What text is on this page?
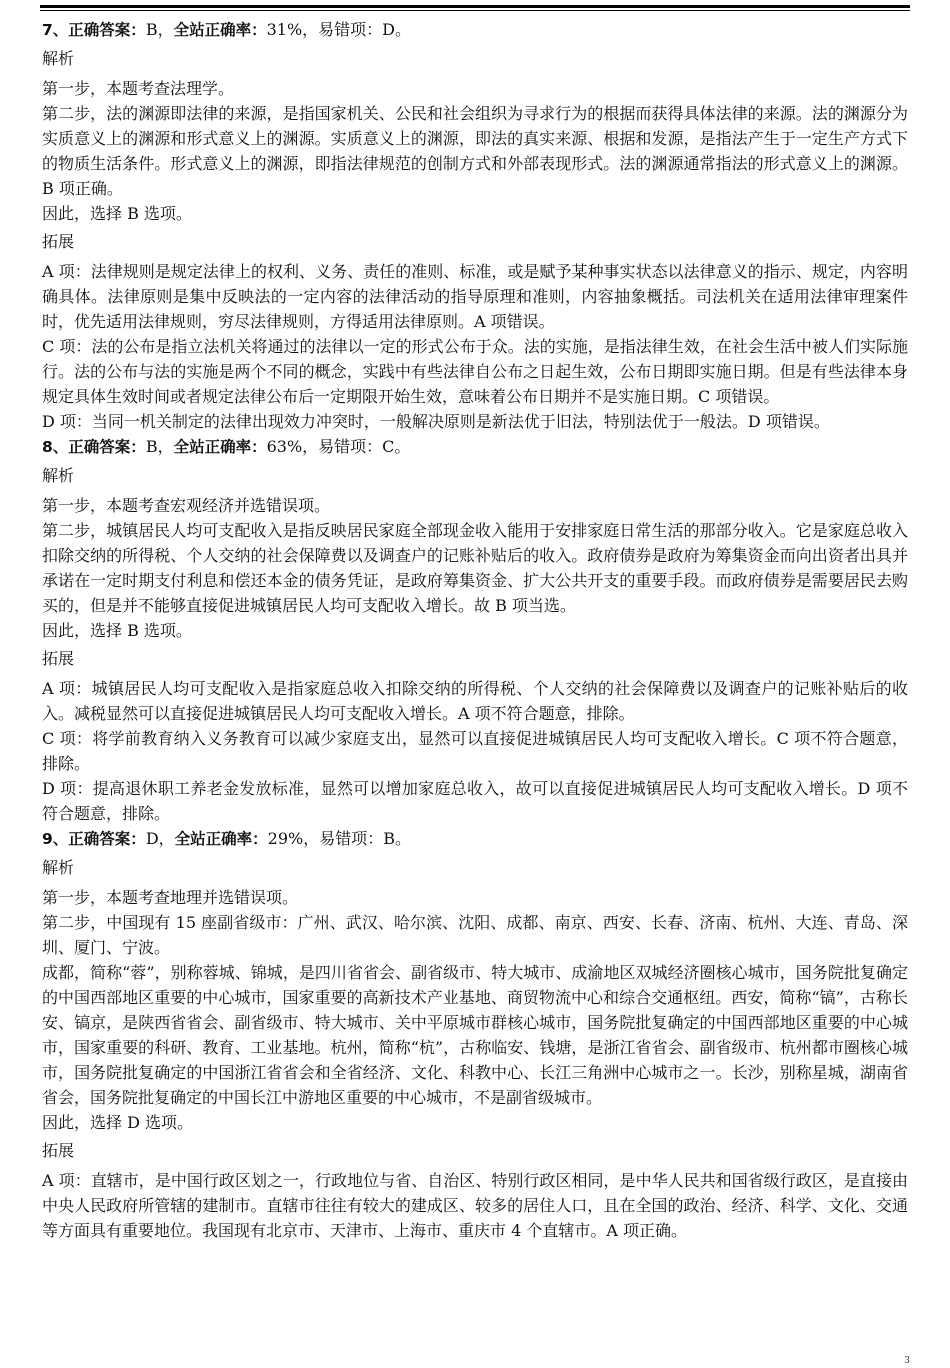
7、正确答案：B，全站正确率：31%，易错项：D。

解析

第一步，本题考查法理学。

第二步，法的渊源即法律的来源，是指国家机关、公民和社会组织为寻求行为的根据而获得具体法律的来源。法的渊源分为实质意义上的渊源和形式意义上的渊源。实质意义上的渊源，即法的真实来源、根据和发源，是指法产生于一定生产方式下的物质生活条件。形式意义上的渊源，即指法律规范的创制方式和外部表现形式。法的渊源通常指法的形式意义上的渊源。B 项正确。

因此，选择 B 选项。

拓展

A 项：法律规则是规定法律上的权利、义务、责任的准则、标准，或是赋予某种事实状态以法律意义的指示、规定，内容明确具体。法律原则是集中反映法的一定内容的法律活动的指导原理和准则，内容抽象概括。司法机关在适用法律审理案件时，优先适用法律规则，穷尽法律规则，方得适用法律原则。A 项错误。

C 项：法的公布是指立法机关将通过的法律以一定的形式公布于众。法的实施，是指法律生效，在社会生活中被人们实际施行。法的公布与法的实施是两个不同的概念，实践中有些法律自公布之日起生效，公布日期即实施日期。但是有些法律本身规定具体生效时间或者规定法律公布后一定期限开始生效，意味着公布日期并不是实施日期。C 项错误。

D 项：当同一机关制定的法律出现效力冲突时，一般解决原则是新法优于旧法，特别法优于一般法。D 项错误。

8、正确答案：B，全站正确率：63%，易错项：C。

解析

第一步，本题考查宏观经济并选错误项。

第二步，城镇居民人均可支配收入是指反映居民家庭全部现金收入能用于安排家庭日常生活的那部分收入。它是家庭总收入扣除交纳的所得税、个人交纳的社会保障费以及调查户的记账补贴后的收入。政府债券是政府为筹集资金而向出资者出具并承诺在一定时期支付利息和偿还本金的债务凭证，是政府筹集资金、扩大公共开支的重要手段。而政府债券是需要居民去购买的，但是并不能够直接促进城镇居民人均可支配收入增长。故 B 项当选。

因此，选择 B 选项。

拓展

A 项：城镇居民人均可支配收入是指家庭总收入扣除交纳的所得税、个人交纳的社会保障费以及调查户的记账补贴后的收入。减税显然可以直接促进城镇居民人均可支配收入增长。A 项不符合题意，排除。

C 项：将学前教育纳入义务教育可以减少家庭支出，显然可以直接促进城镇居民人均可支配收入增长。C 项不符合题意，排除。

D 项：提高退休职工养老金发放标准，显然可以增加家庭总收入，故可以直接促进城镇居民人均可支配收入增长。D 项不符合题意，排除。

9、正确答案：D，全站正确率：29%，易错项：B。

解析

第一步，本题考查地理并选错误项。

第二步，中国现有 15 座副省级市：广州、武汉、哈尔滨、沈阳、成都、南京、西安、长春、济南、杭州、大连、青岛、深圳、厦门、宁波。

成都，简称“蓉”，别称蓉城、锦城，是四川省省会、副省级市、特大城市、成渝地区双城经济圈核心城市，国务院批复确定的中国西部地区重要的中心城市，国家重要的高新技术产业基地、商贸物流中心和综合交通枢纽。西安，简称“镐”，古称长安、镐京，是陕西省省会、副省级市、特大城市、关中平原城市群核心城市，国务院批复确定的中国西部地区重要的中心城市，国家重要的科研、教育、工业基地。杭州，简称“杭”，古称临安、钱塘，是浙江省省会、副省级市、杭州都市圈核心城市，国务院批复确定的中国浙江省省会和全省经济、文化、科教中心、长江三角洲中心城市之一。长沙，别称星城，湖南省省会，国务院批复确定的中国长江中游地区重要的中心城市，不是副省级城市。

因此，选择 D 选项。

拓展

A 项：直辖市，是中国行政区划之一，行政地位与省、自治区、特别行政区相同，是中华人民共和国省级行政区，是直接由中央人民政府所管辖的建制市。直辖市往往有较大的建成区、较多的居住人口，且在全国的政治、经济、科学、文化、交通等方面具有重要地位。我国现有北京市、天津市、上海市、重庆市 4 个直辖市。A 项正确。

3
